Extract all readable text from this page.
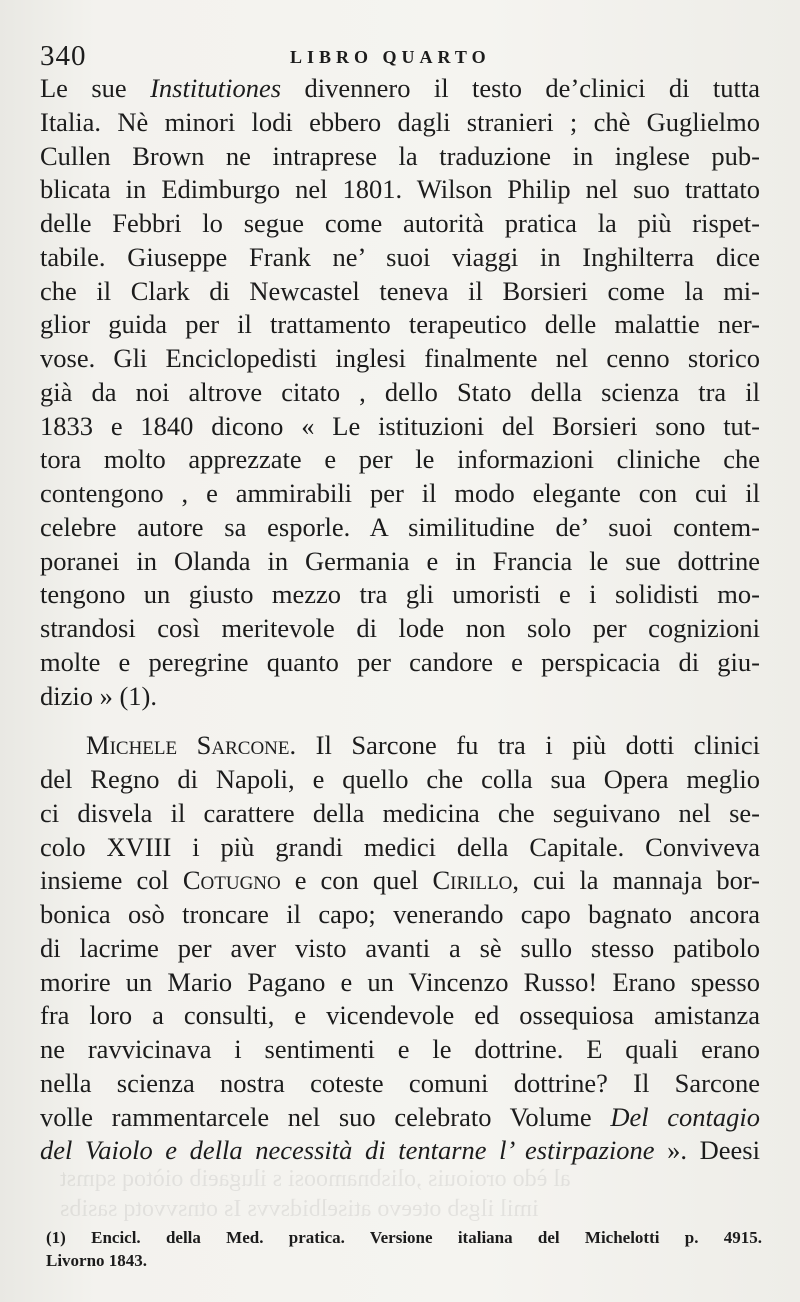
al èdo oroiouis ,olisbnamoosi s ilugaeib oiòtoq sqmst
imil ilgsb oteevo atiselbidsvvs Is otnsvvotq sasibs
340	LIBRO QUARTO
Le sue Institutiones divennero il testo de’clinici di tutta
Italia. Nè minori lodi ebbero dagli stranieri ; chè Guglielmo
Cullen Brown ne intraprese la traduzione in inglese pub-
blicata in Edimburgo nel 1801. Wilson Philip nel suo trattato
delle Febbri lo segue come autorità pratica la più rispet-
tabile. Giuseppe Frank ne’ suoi viaggi in Inghilterra dice
che il Clark di Newcastel teneva il Borsieri come la mi-
glior guida per il trattamento terapeutico delle malattie ner-
vose. Gli Enciclopedisti inglesi finalmente nel cenno storico
già da noi altrove citato , dello Stato della scienza tra il
1833 e 1840 dicono « Le istituzioni del Borsieri sono tut-
tora molto apprezzate e per le informazioni cliniche che
contengono , e ammirabili per il modo elegante con cui il
celebre autore sa esporle. A similitudine de’ suoi contem-
poranei in Olanda in Germania e in Francia le sue dottrine
tengono un giusto mezzo tra gli umoristi e i solidisti mo-
strandosi così meritevole di lode non solo per cognizioni
molte e peregrine quanto per candore e perspicacia di giu-
dizio » (1).
Michele Sarcone. Il Sarcone fu tra i più dotti clinici
del Regno di Napoli, e quello che colla sua Opera meglio
ci disvela il carattere della medicina che seguivano nel se-
colo XVIII i più grandi medici della Capitale. Conviveva
insieme col Cotugno e con quel Cirillo, cui la mannaja bor-
bonica osò troncare il capo; venerando capo bagnato ancora
di lacrime per aver visto avanti a sè sullo stesso patibolo
morire un Mario Pagano e un Vincenzo Russo! Erano spesso
fra loro a consulti, e vicendevole ed ossequiosa amistanza
ne ravvicinava i sentimenti e le dottrine. E quali erano
nella scienza nostra coteste comuni dottrine? Il Sarcone
volle rammentarcele nel suo celebrato Volume Del contagio
del Vaiolo e della necessità di tentarne l’ estirpazione ». Deesi
(1) Encicl. della Med. pratica. Versione italiana del Michelotti p. 4915.
Livorno 1843.
